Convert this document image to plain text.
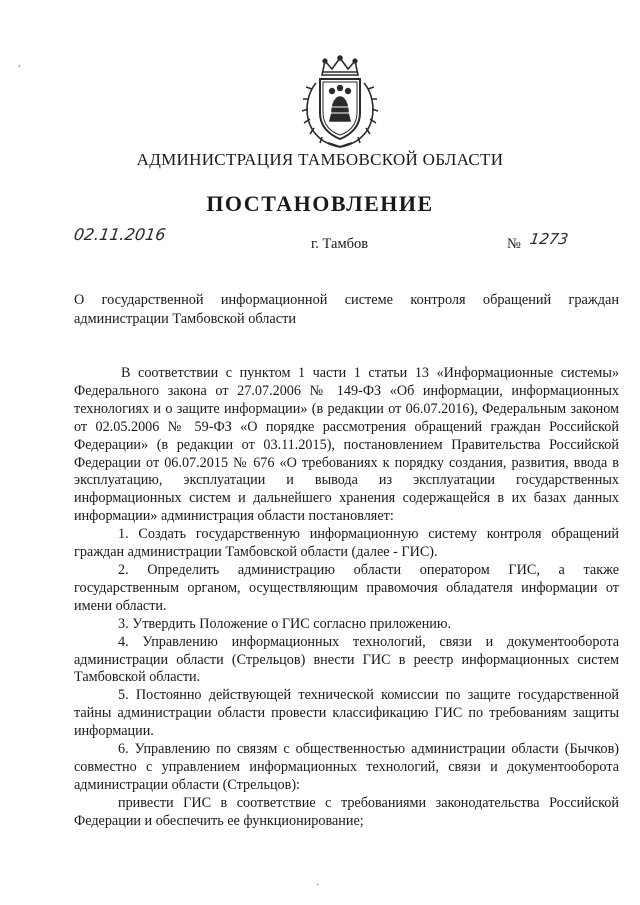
,
АДМИНИСТРАЦИЯ ТАМБОВСКОЙ ОБЛАСТИ
ПОСТАНОВЛЕНИЕ
02.11.2016	г. Тамбов	№ 1273
О государственной информационной системе контроля обращений граждан администрации Тамбовской области

В соответствии с пунктом 1 части 1 статьи 13 «Информационные системы» Федерального закона от 27.07.2006 № 149-ФЗ «Об информации, информационных технологиях и о защите информации» (в редакции от 06.07.2016), Федеральным законом от 02.05.2006 № 59-ФЗ «О порядке рассмотрения обращений граждан Российской Федерации» (в редакции от 03.11.2015), постановлением Правительства Российской Федерации от 06.07.2015 № 676 «О требованиях к порядку создания, развития, ввода в эксплуатацию, эксплуатации и вывода из эксплуатации государственных информационных систем и дальнейшего хранения содержащейся в их базах данных информации» администрация области постановляет:

1. Создать государственную информационную систему контроля обращений граждан администрации Тамбовской области (далее - ГИС).

2. Определить администрацию области оператором ГИС, а также государственным органом, осуществляющим правомочия обладателя информации от имени области.

3. Утвердить Положение о ГИС согласно приложению.

4. Управлению информационных технологий, связи и документооборота администрации области (Стрельцов) внести ГИС в реестр информационных систем Тамбовской области.

5. Постоянно действующей технической комиссии по защите государственной тайны администрации области провести классификацию ГИС по требованиям защиты информации.

6. Управлению по связям с общественностью администрации области (Бычков) совместно с управлением информационных технологий, связи и документооборота администрации области (Стрельцов):

привести ГИС в соответствие с требованиями законодательства Российской Федерации и обеспечить ее функционирование;

·
